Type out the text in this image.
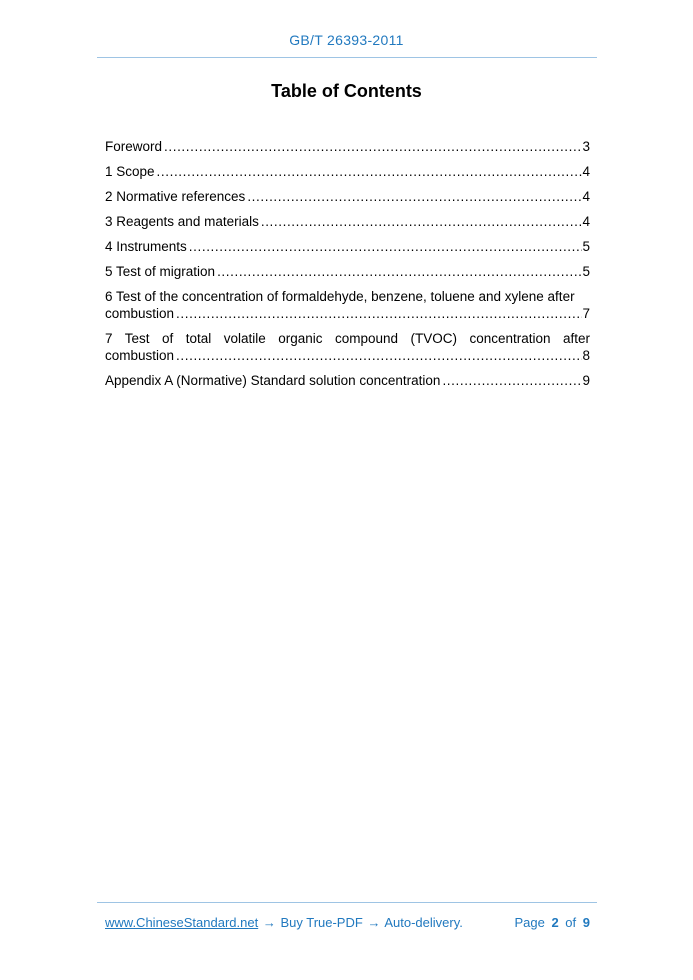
GB/T 26393-2011
Table of Contents
Foreword .....	3
1 Scope .....	4
2 Normative references .....	4
3 Reagents and materials .....	4
4 Instruments .....	5
5 Test of migration .....	5
6 Test of the concentration of formaldehyde, benzene, toluene and xylene after
combustion .....	7
7 Test of total volatile organic compound (TVOC) concentration after
combustion .....	8
Appendix A (Normative) Standard solution concentration .....	9
www.ChineseStandard.net → Buy True-PDF → Auto-delivery.	Page 2 of 9
